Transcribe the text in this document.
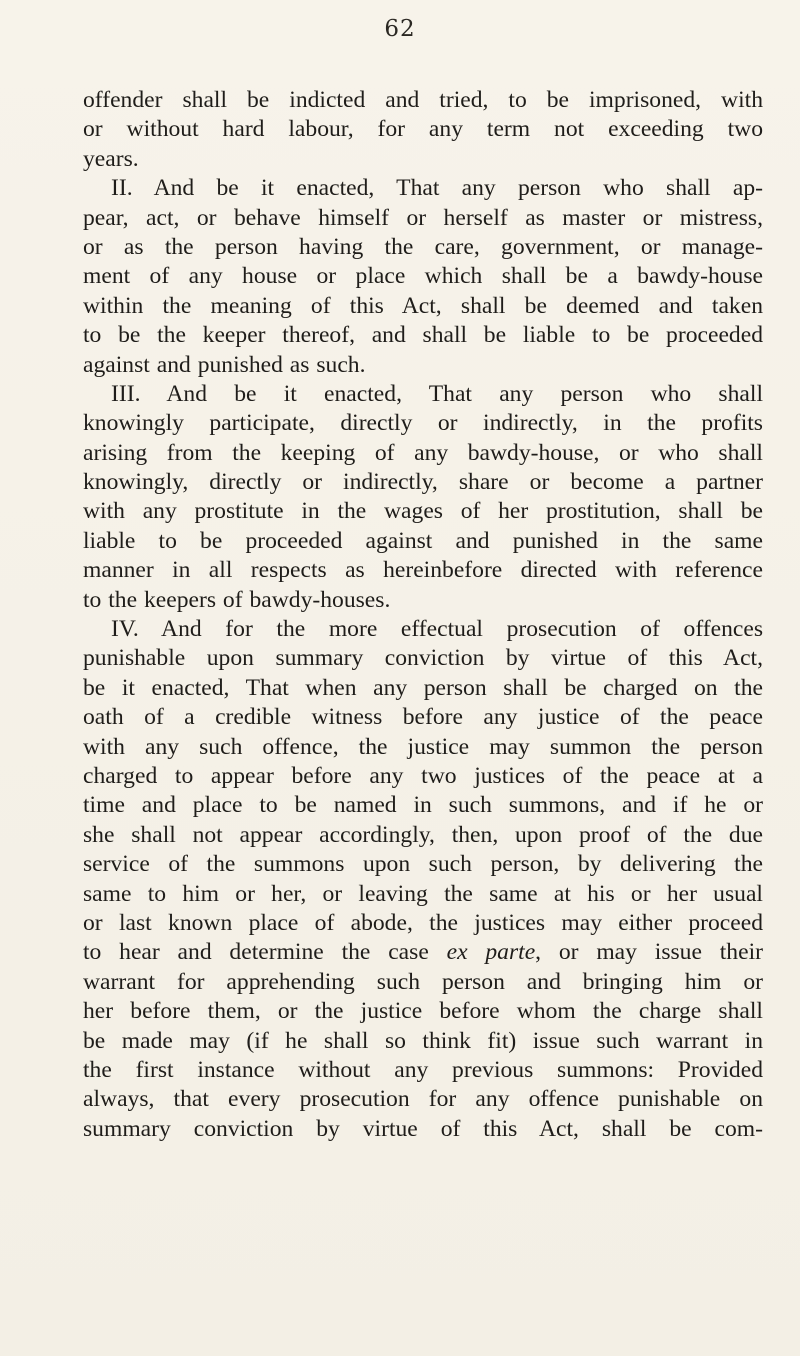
62
offender shall be indicted and tried, to be imprisoned, with
or without hard labour, for any term not exceeding two
years.
II. And be it enacted, That any person who shall ap-
pear, act, or behave himself or herself as master or mistress,
or as the person having the care, government, or manage-
ment of any house or place which shall be a bawdy-house
within the meaning of this Act, shall be deemed and taken
to be the keeper thereof, and shall be liable to be proceeded
against and punished as such.
III. And be it enacted, That any person who shall
knowingly participate, directly or indirectly, in the profits
arising from the keeping of any bawdy-house, or who shall
knowingly, directly or indirectly, share or become a partner
with any prostitute in the wages of her prostitution, shall be
liable to be proceeded against and punished in the same
manner in all respects as hereinbefore directed with reference
to the keepers of bawdy-houses.
IV. And for the more effectual prosecution of offences
punishable upon summary conviction by virtue of this Act,
be it enacted, That when any person shall be charged on the
oath of a credible witness before any justice of the peace
with any such offence, the justice may summon the person
charged to appear before any two justices of the peace at a
time and place to be named in such summons, and if he or
she shall not appear accordingly, then, upon proof of the due
service of the summons upon such person, by delivering the
same to him or her, or leaving the same at his or her usual
or last known place of abode, the justices may either proceed
to hear and determine the case ex parte, or may issue their
warrant for apprehending such person and bringing him or
her before them, or the justice before whom the charge shall
be made may (if he shall so think fit) issue such warrant in
the first instance without any previous summons: Provided
always, that every prosecution for any offence punishable on
summary conviction by virtue of this Act, shall be com-
